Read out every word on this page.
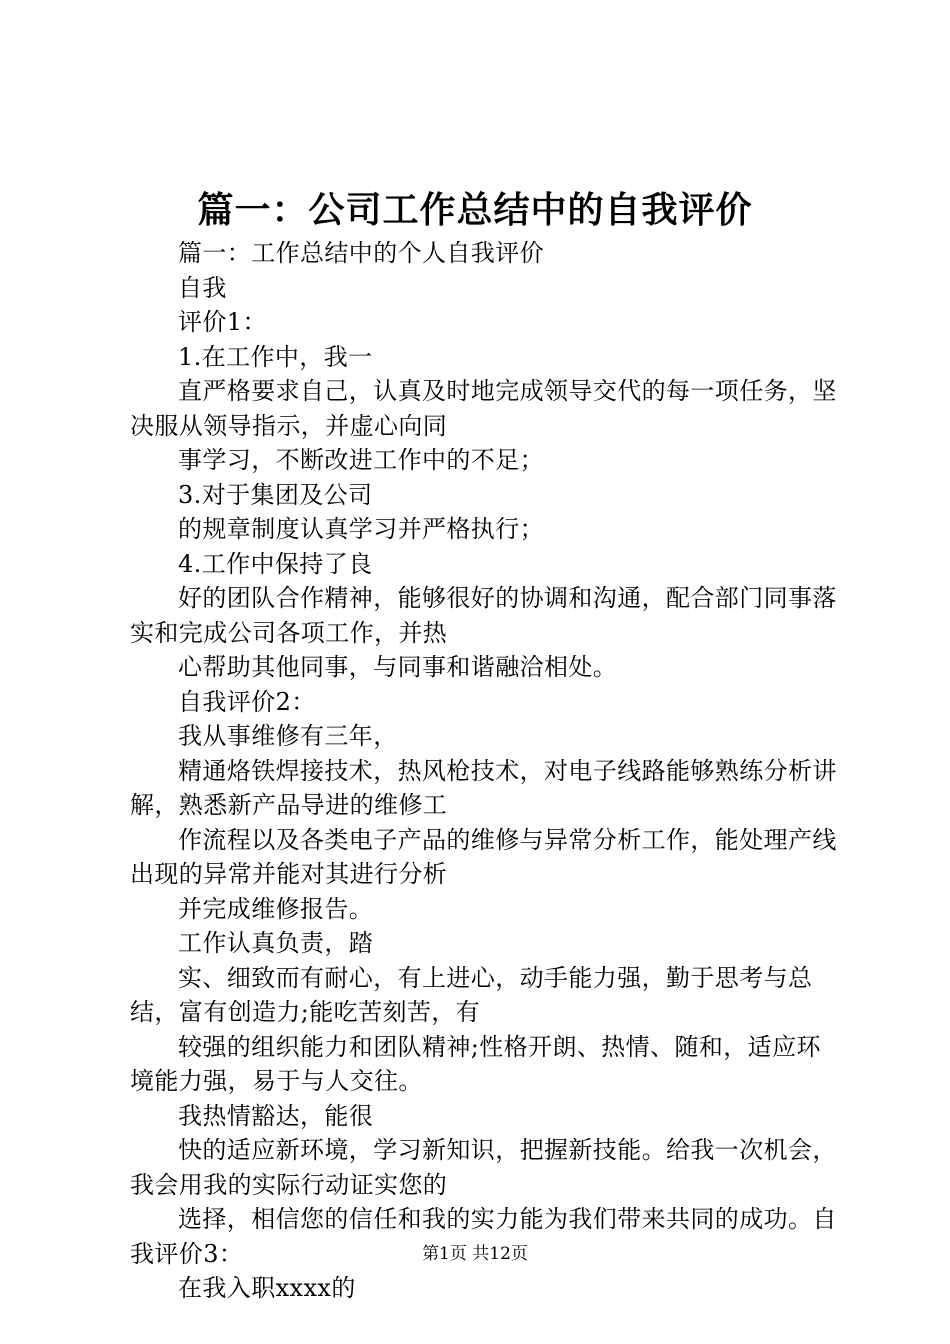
篇一：公司工作总结中的自我评价

篇一：工作总结中的个人自我评价

自我

评价1：

1.在工作中，我一

直严格要求自己，认真及时地完成领导交代的每一项任务，坚决服从领导指示，并虚心向同

事学习，不断改进工作中的不足；

3.对于集团及公司

的规章制度认真学习并严格执行；

4.工作中保持了良

好的团队合作精神，能够很好的协调和沟通，配合部门同事落实和完成公司各项工作，并热

心帮助其他同事，与同事和谐融洽相处。

自我评价2：

我从事维修有三年，

精通烙铁焊接技术，热风枪技术，对电子线路能够熟练分析讲解，熟悉新产品导进的维修工

作流程以及各类电子产品的维修与异常分析工作，能处理产线出现的异常并能对其进行分析

并完成维修报告。

工作认真负责，踏

实、细致而有耐心，有上进心，动手能力强，勤于思考与总结，富有创造力;能吃苦刻苦，有

较强的组织能力和团队精神;性格开朗、热情、随和，适应环境能力强，易于与人交往。

我热情豁达，能很

快的适应新环境，学习新知识，把握新技能。给我一次机会，我会用我的实际行动证实您的

选择，相信您的信任和我的实力能为我们带来共同的成功。自我评价3：

在我入职xxxx的

第1页 共12页
